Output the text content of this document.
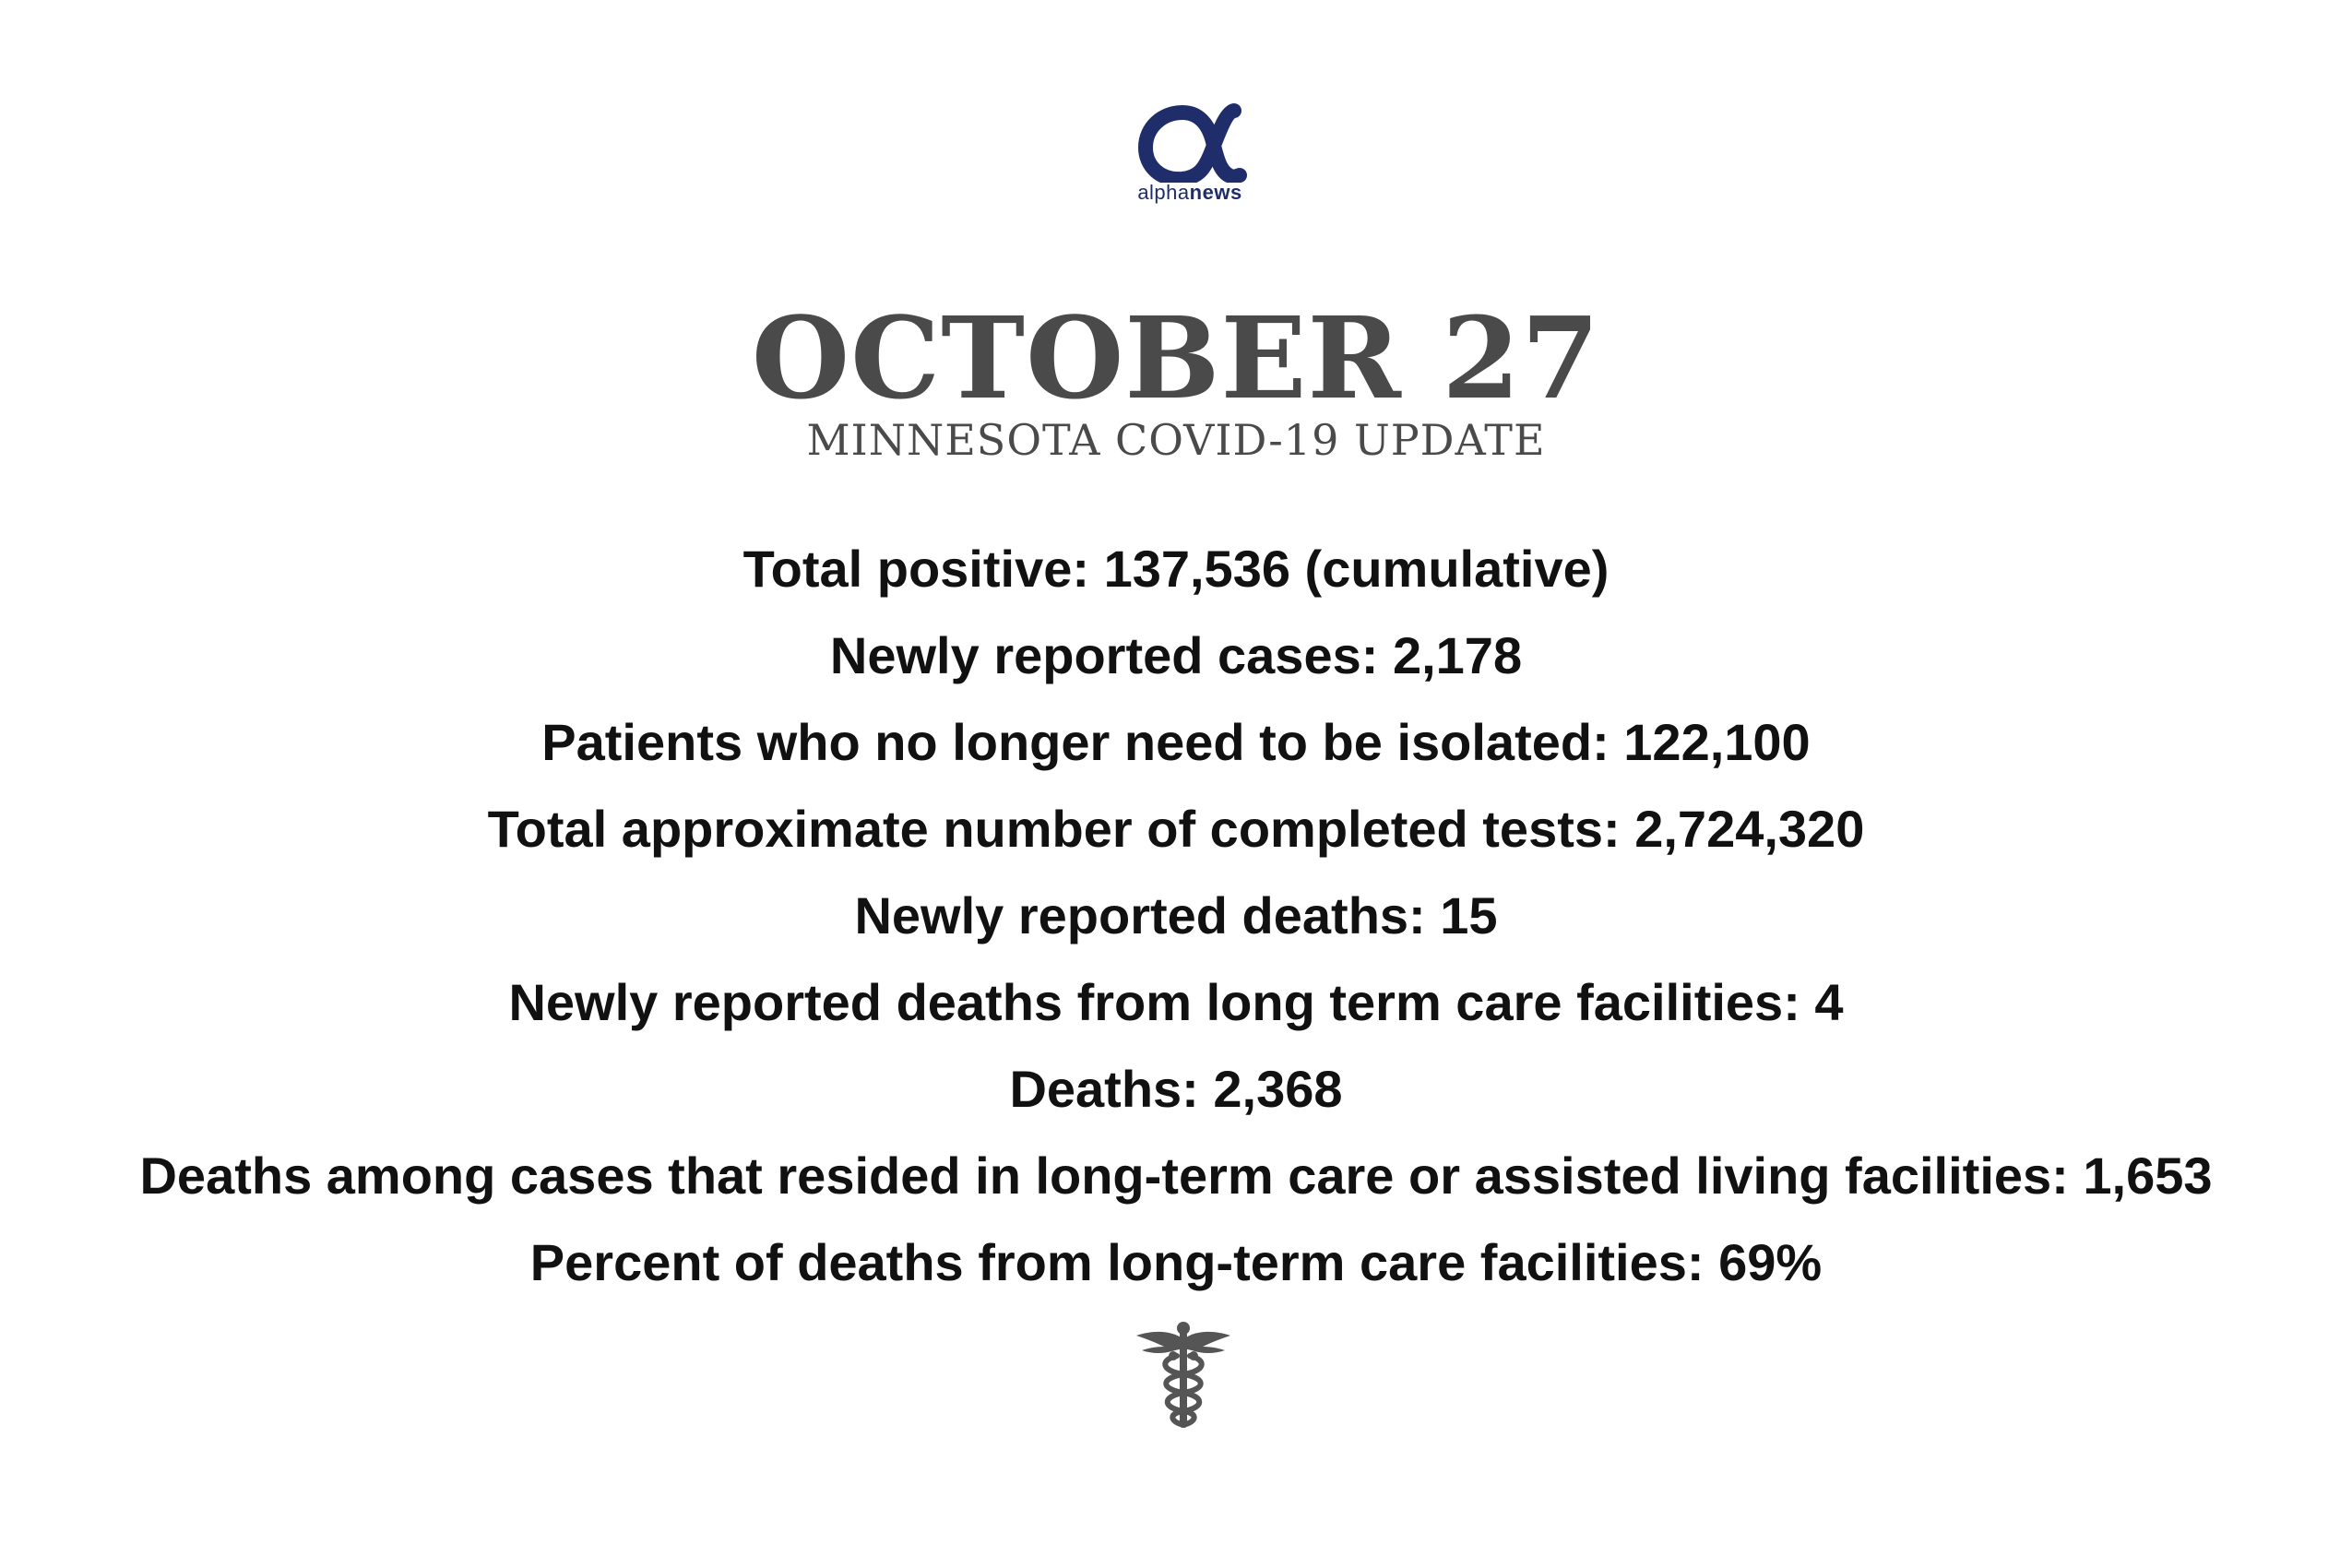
alphanews
OCTOBER 27
MINNESOTA COVID-19 UPDATE
Total positive: 137,536 (cumulative)
Newly reported cases: 2,178
Patients who no longer need to be isolated: 122,100
Total approximate number of completed tests: 2,724,320
Newly reported deaths: 15
Newly reported deaths from long term care facilities: 4
Deaths: 2,368
Deaths among cases that resided in long-term care or assisted living facilities: 1,653
Percent of deaths from long-term care facilities: 69%
